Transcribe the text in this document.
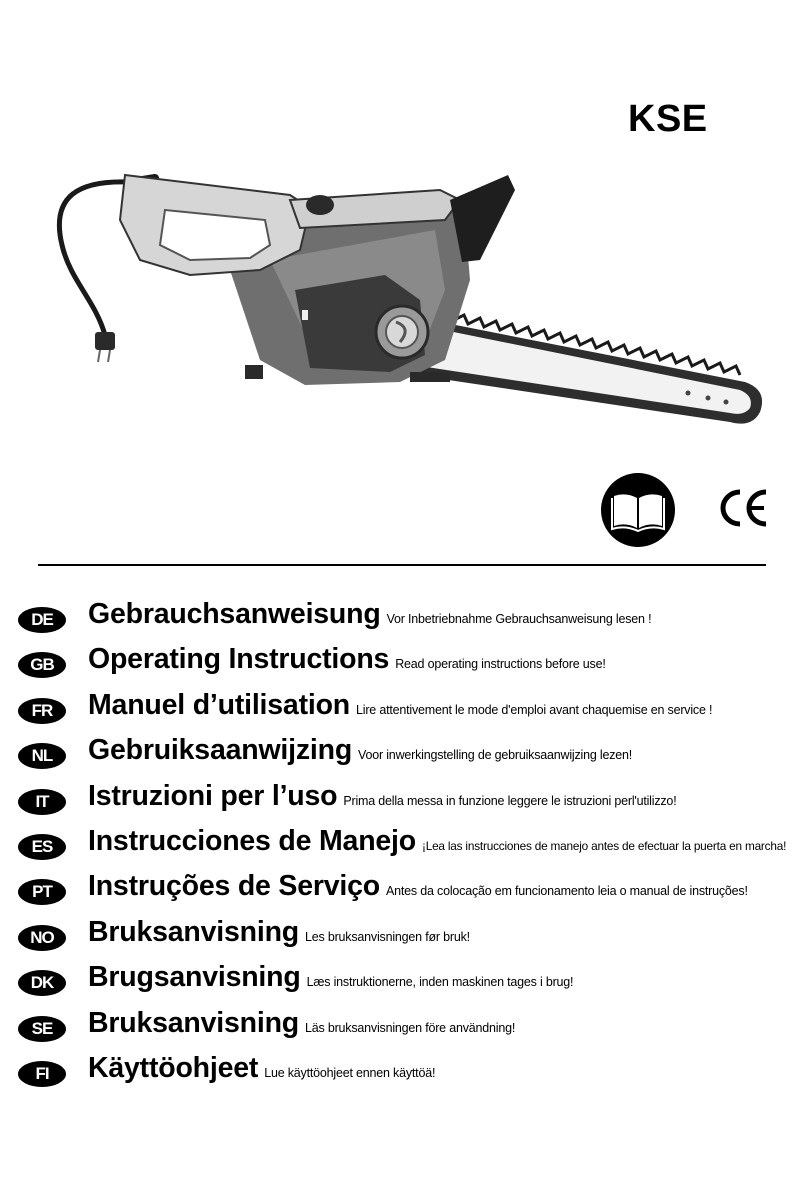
KSE
DE	Gebrauchsanweisung Vor Inbetriebnahme Gebrauchsanweisung lesen !
GB	Operating Instructions Read operating instructions before use!
FR	Manuel d’utilisation Lire attentivement le mode d'emploi avant chaquemise en service !
NL	Gebruiksaanwijzing Voor inwerkingstelling de gebruiksaanwijzing lezen!
IT	Istruzioni per l’uso Prima della messa in funzione leggere le istruzioni perl'utilizzo!
ES	Instrucciones de Manejo ¡Lea las instrucciones de manejo antes de efectuar la puerta en marcha!
PT	Instruções de Serviço Antes da colocação em funcionamento leia o manual de instruções!
NO	Bruksanvisning Les bruksanvisningen før bruk!
DK	Brugsanvisning Læs instruktionerne, inden maskinen tages i brug!
SE	Bruksanvisning Läs bruksanvisningen före användning!
FI	Käyttöohjeet Lue käyttöohjeet ennen käyttöä!
